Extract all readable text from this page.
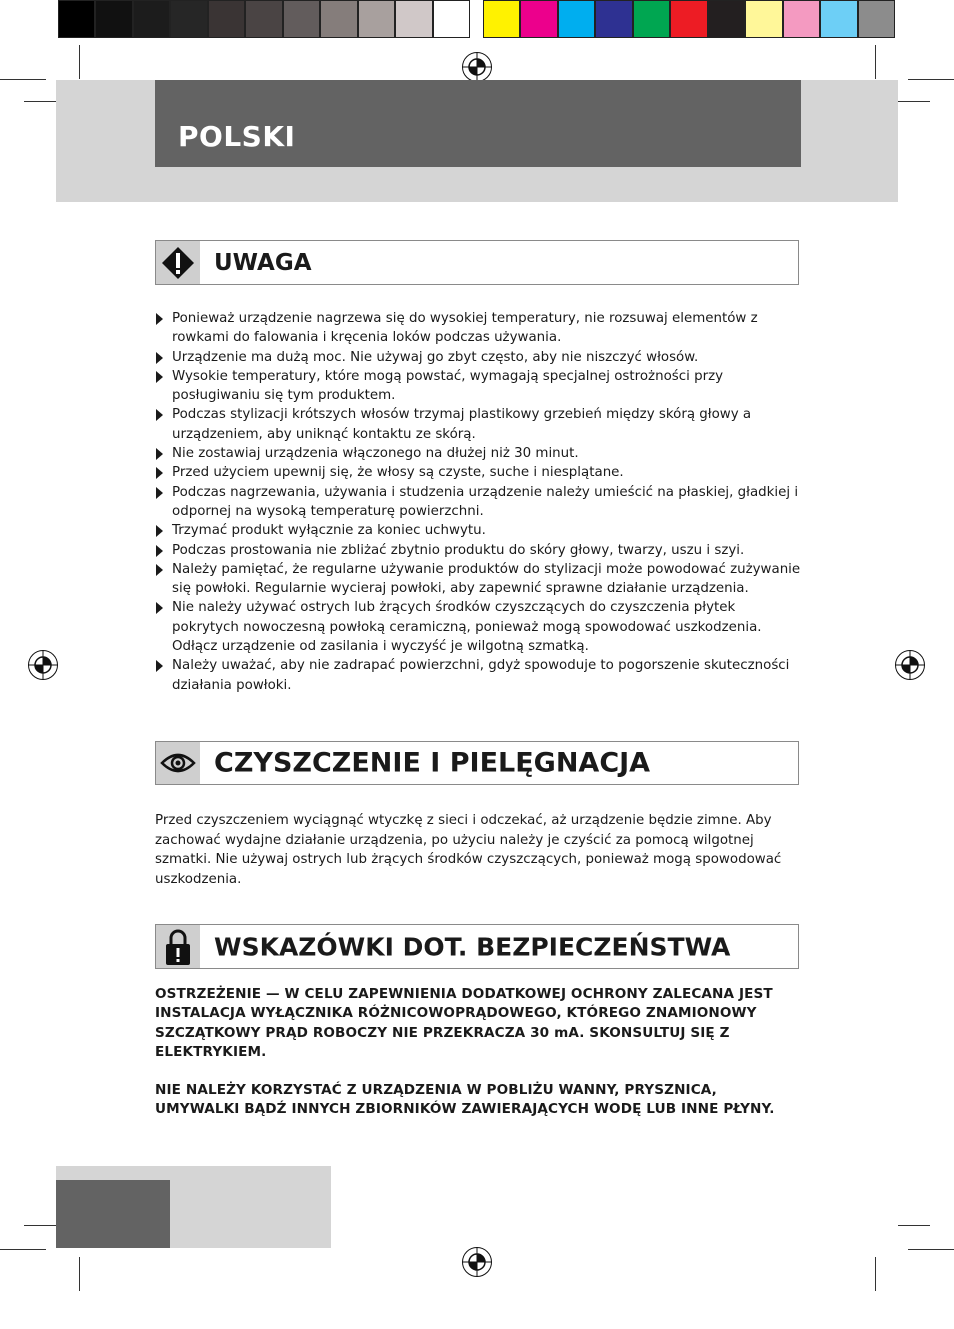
POLSKI
UWAGA
Ponieważ urządzenie nagrzewa się do wysokiej temperatury, nie rozsuwaj elementów z rowkami do falowania i kręcenia loków podczas używania.
Urządzenie ma dużą moc. Nie używaj go zbyt często, aby nie niszczyć włosów.
Wysokie temperatury, które mogą powstać, wymagają specjalnej ostrożności przy posługiwaniu się tym produktem.
Podczas stylizacji krótszych włosów trzymaj plastikowy grzebień między skórą głowy a urządzeniem, aby uniknąć kontaktu ze skórą.
Nie zostawiaj urządzenia włączonego na dłużej niż 30 minut.
Przed użyciem upewnij się, że włosy są czyste, suche i niesplątane.
Podczas nagrzewania, używania i studzenia urządzenie należy umieścić na płaskiej, gładkiej i odpornej na wysoką temperaturę powierzchni.
Trzymać produkt wyłącznie za koniec uchwytu.
Podczas prostowania nie zbliżać zbytnio produktu do skóry głowy, twarzy, uszu i szyi.
Należy pamiętać, że regularne używanie produktów do stylizacji może powodować zużywanie się powłoki. Regularnie wycieraj powłoki, aby zapewnić sprawne działanie urządzenia.
Nie należy używać ostrych lub żrących środków czyszczących do czyszczenia płytek pokrytych nowoczesną powłoką ceramiczną, ponieważ mogą spowodować uszkodzenia. Odłącz urządzenie od zasilania i wyczyść je wilgotną szmatką.
Należy uważać, aby nie zadrapać powierzchni, gdyż spowoduje to pogorszenie skuteczności działania powłoki.
CZYSZCZENIE I PIELĘGNACJA

Przed czyszczeniem wyciągnąć wtyczkę z sieci i odczekać, aż urządzenie będzie zimne. Aby zachować wydajne działanie urządzenia, po użyciu należy je czyścić za pomocą wilgotnej szmatki. Nie używaj ostrych lub żrących środków czyszczących, ponieważ mogą spowodować uszkodzenia.

WSKAZÓWKI DOT. BEZPIECZEŃSTWA

OSTRZEŻENIE — W CELU ZAPEWNIENIA DODATKOWEJ OCHRONY ZALECANA JEST INSTALACJA WYŁĄCZNIKA RÓŻNICOWOPRĄDOWEGO, KTÓREGO ZNAMIONOWY SZCZĄTKOWY PRĄD ROBOCZY NIE PRZEKRACZA 30 mA. SKONSULTUJ SIĘ Z ELEKTRYKIEM.

NIE NALEŻY KORZYSTAĆ Z URZĄDZENIA W POBLIŻU WANNY, PRYSZNICA, UMYWALKI BĄDŹ INNYCH ZBIORNIKÓW ZAWIERAJĄCYCH WODĘ LUB INNE PŁYNY.
